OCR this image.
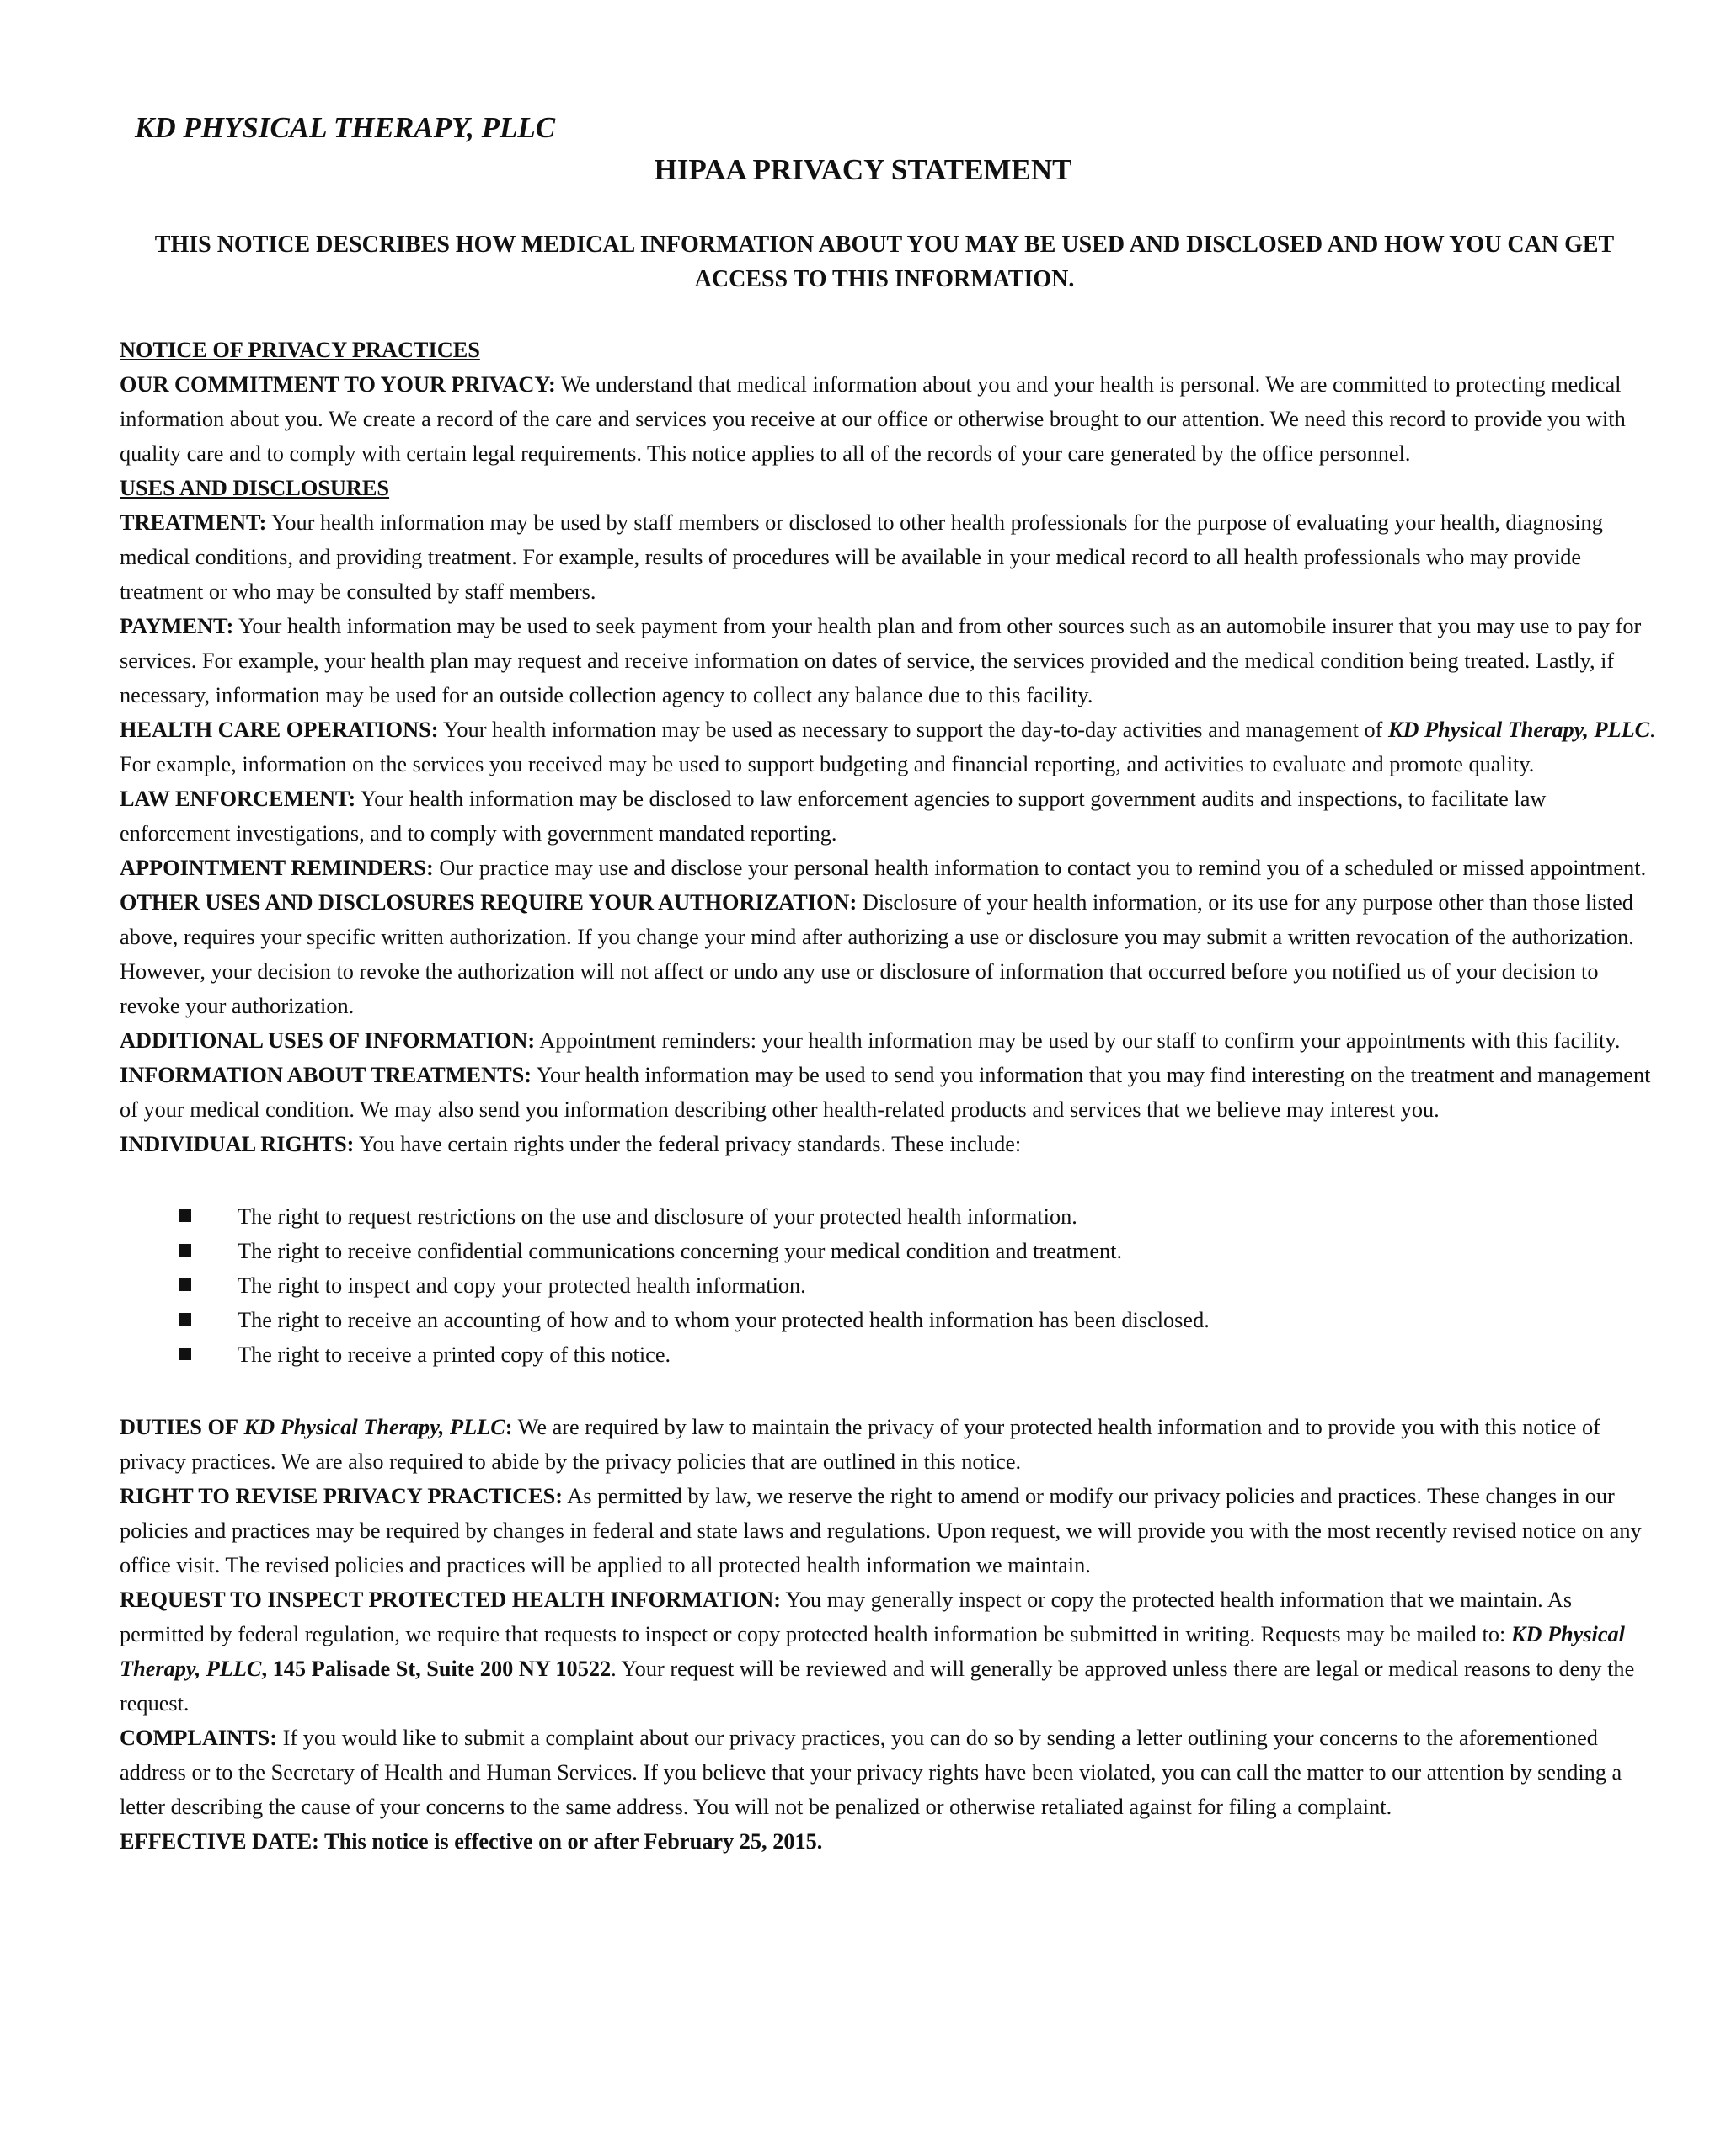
KD PHYSICAL THERAPY, PLLC
HIPAA PRIVACY STATEMENT

THIS NOTICE DESCRIBES HOW MEDICAL INFORMATION ABOUT YOU MAY BE USED AND DISCLOSED AND HOW YOU CAN GET ACCESS TO THIS INFORMATION.

NOTICE OF PRIVACY PRACTICES

OUR COMMITMENT TO YOUR PRIVACY: We understand that medical information about you and your health is personal. We are committed to protecting medical information about you. We create a record of the care and services you receive at our office or otherwise brought to our attention. We need this record to provide you with quality care and to comply with certain legal requirements. This notice applies to all of the records of your care generated by the office personnel.

USES AND DISCLOSURES

TREATMENT: Your health information may be used by staff members or disclosed to other health professionals for the purpose of evaluating your health, diagnosing medical conditions, and providing treatment. For example, results of procedures will be available in your medical record to all health professionals who may provide treatment or who may be consulted by staff members.

PAYMENT: Your health information may be used to seek payment from your health plan and from other sources such as an automobile insurer that you may use to pay for services. For example, your health plan may request and receive information on dates of service, the services provided and the medical condition being treated. Lastly, if necessary, information may be used for an outside collection agency to collect any balance due to this facility.

HEALTH CARE OPERATIONS: Your health information may be used as necessary to support the day-to-day activities and management of KD Physical Therapy, PLLC. For example, information on the services you received may be used to support budgeting and financial reporting, and activities to evaluate and promote quality.

LAW ENFORCEMENT: Your health information may be disclosed to law enforcement agencies to support government audits and inspections, to facilitate law enforcement investigations, and to comply with government mandated reporting.

APPOINTMENT REMINDERS: Our practice may use and disclose your personal health information to contact you to remind you of a scheduled or missed appointment.

OTHER USES AND DISCLOSURES REQUIRE YOUR AUTHORIZATION: Disclosure of your health information, or its use for any purpose other than those listed above, requires your specific written authorization. If you change your mind after authorizing a use or disclosure you may submit a written revocation of the authorization. However, your decision to revoke the authorization will not affect or undo any use or disclosure of information that occurred before you notified us of your decision to revoke your authorization.

ADDITIONAL USES OF INFORMATION: Appointment reminders: your health information may be used by our staff to confirm your appointments with this facility.

INFORMATION ABOUT TREATMENTS: Your health information may be used to send you information that you may find interesting on the treatment and management of your medical condition. We may also send you information describing other health-related products and services that we believe may interest you.

INDIVIDUAL RIGHTS: You have certain rights under the federal privacy standards. These include:

The right to request restrictions on the use and disclosure of your protected health information.
The right to receive confidential communications concerning your medical condition and treatment.
The right to inspect and copy your protected health information.
The right to receive an accounting of how and to whom your protected health information has been disclosed.
The right to receive a printed copy of this notice.

DUTIES OF KD Physical Therapy, PLLC: We are required by law to maintain the privacy of your protected health information and to provide you with this notice of privacy practices. We are also required to abide by the privacy policies that are outlined in this notice.

RIGHT TO REVISE PRIVACY PRACTICES: As permitted by law, we reserve the right to amend or modify our privacy policies and practices. These changes in our policies and practices may be required by changes in federal and state laws and regulations. Upon request, we will provide you with the most recently revised notice on any office visit. The revised policies and practices will be applied to all protected health information we maintain.

REQUEST TO INSPECT PROTECTED HEALTH INFORMATION: You may generally inspect or copy the protected health information that we maintain. As permitted by federal regulation, we require that requests to inspect or copy protected health information be submitted in writing. Requests may be mailed to: KD Physical Therapy, PLLC, 145 Palisade St, Suite 200 NY 10522. Your request will be reviewed and will generally be approved unless there are legal or medical reasons to deny the request.

COMPLAINTS: If you would like to submit a complaint about our privacy practices, you can do so by sending a letter outlining your concerns to the aforementioned address or to the Secretary of Health and Human Services. If you believe that your privacy rights have been violated, you can call the matter to our attention by sending a letter describing the cause of your concerns to the same address. You will not be penalized or otherwise retaliated against for filing a complaint.

EFFECTIVE DATE: This notice is effective on or after February 25, 2015.
